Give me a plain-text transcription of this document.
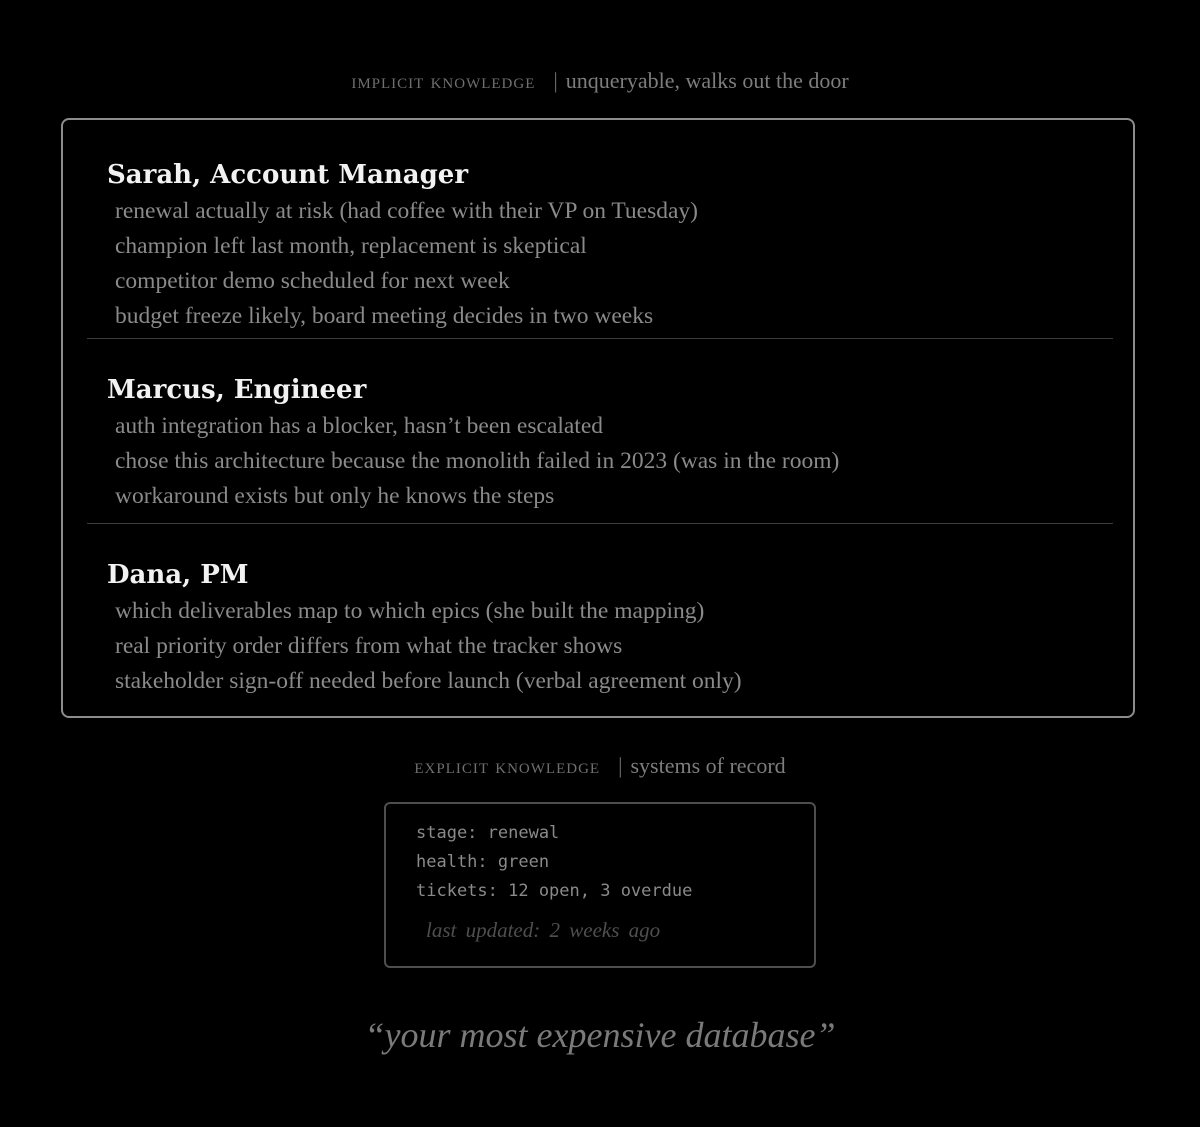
implicit knowledge | unqueryable, walks out the door
Sarah, Account Manager
renewal actually at risk (had coffee with their VP on Tuesday)
champion left last month, replacement is skeptical
competitor demo scheduled for next week
budget freeze likely, board meeting decides in two weeks
Marcus, Engineer
auth integration has a blocker, hasn’t been escalated
chose this architecture because the monolith failed in 2023 (was in the room)
workaround exists but only he knows the steps
Dana, PM
which deliverables map to which epics (she built the mapping)
real priority order differs from what the tracker shows
stakeholder sign-off needed before launch (verbal agreement only)
explicit knowledge | systems of record
stage: renewal
health: green
tickets: 12 open, 3 overdue
last updated: 2 weeks ago
“your most expensive database”
